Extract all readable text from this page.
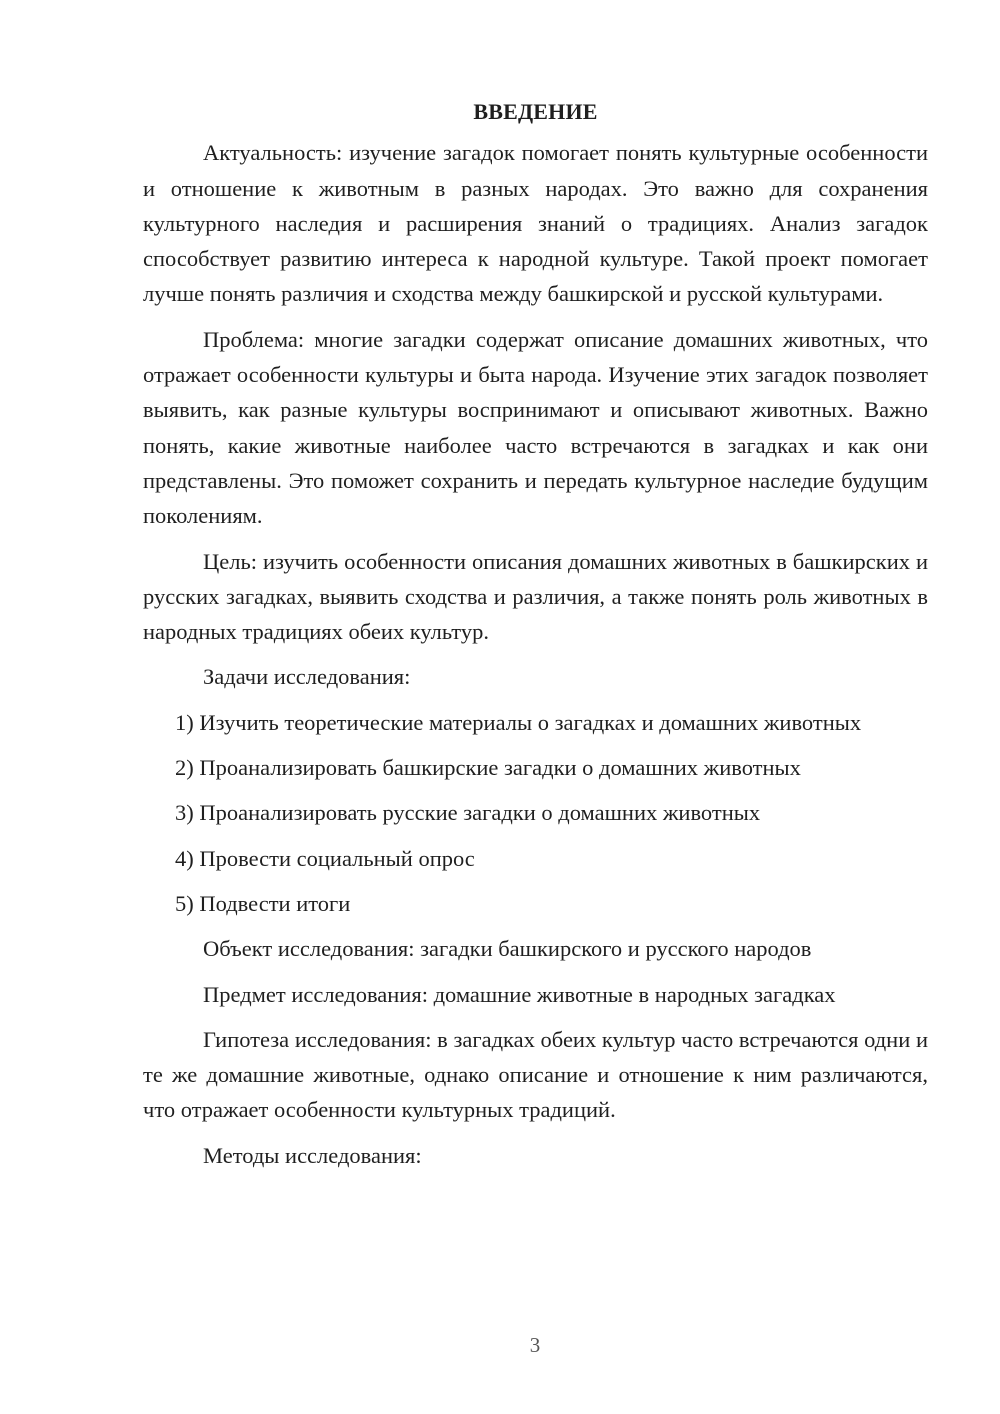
ВВЕДЕНИЕ

Актуальность: изучение загадок помогает понять культурные особенности и отношение к животным в разных народах. Это важно для сохранения культурного наследия и расширения знаний о традициях. Анализ загадок способствует развитию интереса к народной культуре. Такой проект помогает лучше понять различия и сходства между башкирской и русской культурами.

Проблема: многие загадки содержат описание домашних животных, что отражает особенности культуры и быта народа. Изучение этих загадок позволяет выявить, как разные культуры воспринимают и описывают животных. Важно понять, какие животные наиболее часто встречаются в загадках и как они представлены. Это поможет сохранить и передать культурное наследие будущим поколениям.

Цель: изучить особенности описания домашних животных в башкирских и русских загадках, выявить сходства и различия, а также понять роль животных в народных традициях обеих культур.

Задачи исследования:

1) Изучить теоретические материалы о загадках и домашних животных

2) Проанализировать башкирские загадки о домашних животных

3) Проанализировать русские загадки о домашних животных

4) Провести социальный опрос

5) Подвести итоги

Объект исследования: загадки башкирского и русского народов

Предмет исследования: домашние животные в народных загадках

Гипотеза исследования: в загадках обеих культур часто встречаются одни и те же домашние животные, однако описание и отношение к ним различаются, что отражает особенности культурных традиций.

Методы исследования:

3
